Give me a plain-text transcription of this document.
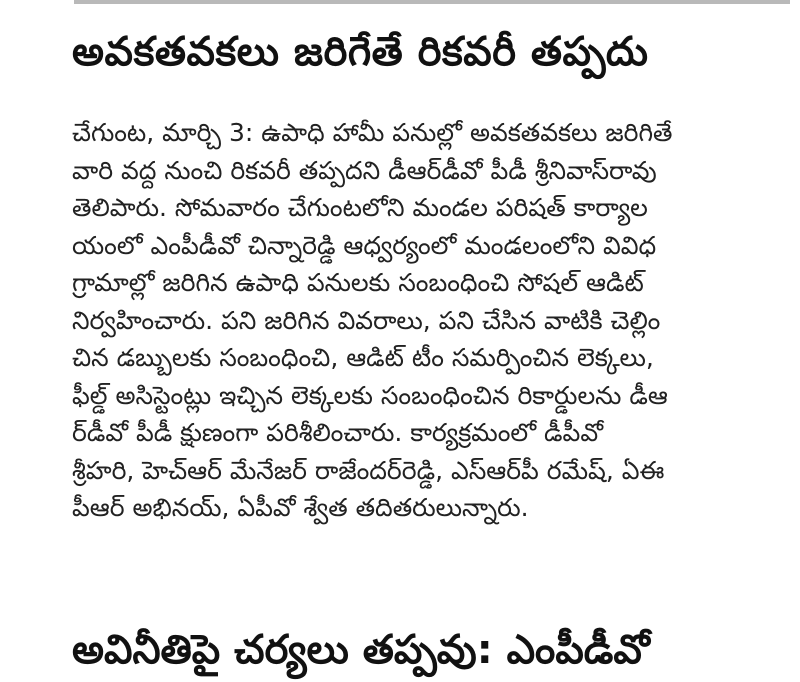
అవకతవకలు జరిగేతే రికవరీ తప్పదు
చేగుంట, మార్చి 3: ఉపాధి హామీ పనుల్లో అవకతవకలు జరిగితే
వారి వద్ద నుంచి రికవరీ తప్పదని డీఆర్‌డీవో పీడీ శ్రీనివాస్‌రావు
తెలిపారు. సోమవారం చేగుంటలోని మండల పరిషత్ కార్యాల
యంలో ఎంపీడీవో చిన్నారెడ్డి ఆధ్వర్యంలో మండలంలోని వివిధ
గ్రామాల్లో జరిగిన ఉపాధి పనులకు సంబంధించి సోషల్ ఆడిట్
నిర్వహించారు. పని జరిగిన వివరాలు, పని చేసిన వాటికి చెల్లిం
చిన డబ్బులకు సంబంధించి, ఆడిట్ టీం సమర్పించిన లెక్కలు,
ఫీల్డ్ అసిస్టెంట్లు ఇచ్చిన లెక్కలకు సంబంధించిన రికార్డులను డీఆ
ర్‌డీవో పీడీ క్షుణంగా పరిశీలించారు. కార్యక్రమంలో డీపీవో
శ్రీహరి, హెచ్‌ఆర్ మేనేజర్ రాజేందర్‌రెడ్డి, ఎస్‌ఆర్‌పీ రమేష్, ఏఈ
పీఆర్ అభినయ్, ఏపీవో శ్వేత తదితరులున్నారు.
అవినీతిపై చర్యలు తప్పవు: ఎంపీడీవో
